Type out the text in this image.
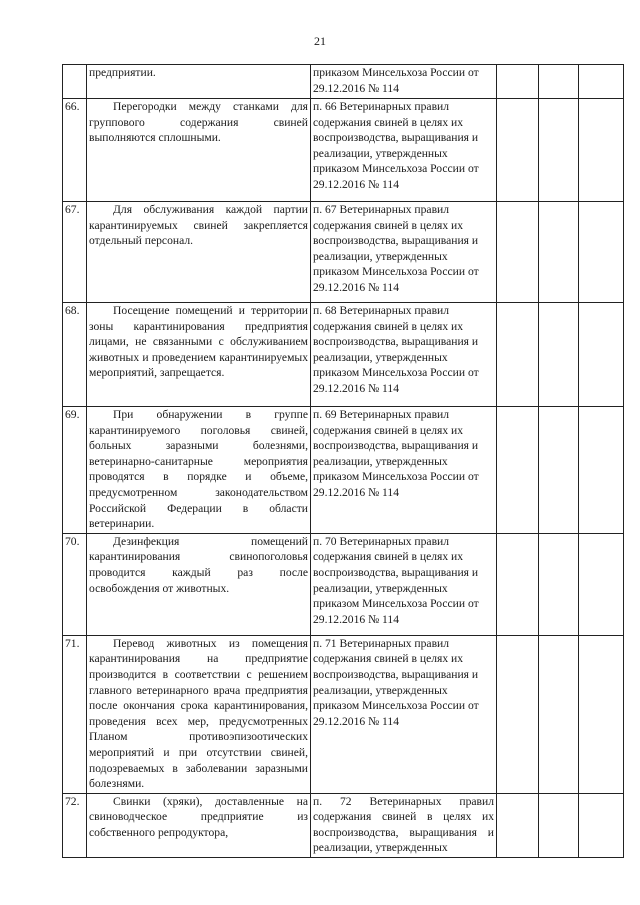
21
	предприятии.	приказом Минсельхоза России от 29.12.2016 № 114			
66.	Перегородки между станками для группового содержания свиней выполняются сплошными.	п. 66 Ветеринарных правил содержания свиней в целях их воспроизводства, выращивания и реализации, утвержденных приказом Минсельхоза России от 29.12.2016 № 114			
67.	Для обслуживания каждой партии карантинируемых свиней закрепляется отдельный персонал.	п. 67 Ветеринарных правил содержания свиней в целях их воспроизводства, выращивания и реализации, утвержденных приказом Минсельхоза России от 29.12.2016 № 114			
68.	Посещение помещений и территории зоны карантинирования предприятия лицами, не связанными с обслуживанием животных и проведением карантинируемых мероприятий, запрещается.	п. 68 Ветеринарных правил содержания свиней в целях их воспроизводства, выращивания и реализации, утвержденных приказом Минсельхоза России от 29.12.2016 № 114			
69.	При обнаружении в группе карантинируемого поголовья свиней, больных заразными болезнями, ветеринарно-санитарные мероприятия проводятся в порядке и объеме, предусмотренном законодательством Российской Федерации в области ветеринарии.	п. 69 Ветеринарных правил содержания свиней в целях их воспроизводства, выращивания и реализации, утвержденных приказом Минсельхоза России от 29.12.2016 № 114			
70.	Дезинфекция помещений карантинирования свинопоголовья проводится каждый раз после освобождения от животных.	п. 70 Ветеринарных правил содержания свиней в целях их воспроизводства, выращивания и реализации, утвержденных приказом Минсельхоза России от 29.12.2016 № 114			
71.	Перевод животных из помещения карантинирования на предприятие производится в соответствии с решением главного ветеринарного врача предприятия после окончания срока карантинирования, проведения всех мер, предусмотренных Планом противоэпизоотических мероприятий и при отсутствии свиней, подозреваемых в заболевании заразными болезнями.	п. 71 Ветеринарных правил содержания свиней в целях их воспроизводства, выращивания и реализации, утвержденных приказом Минсельхоза России от 29.12.2016 № 114			
72.	Свинки (хряки), доставленные на свиноводческое предприятие из собственного репродуктора,	п. 72 Ветеринарных правил содержания свиней в целях их воспроизводства, выращивания и реализации, утвержденных			
